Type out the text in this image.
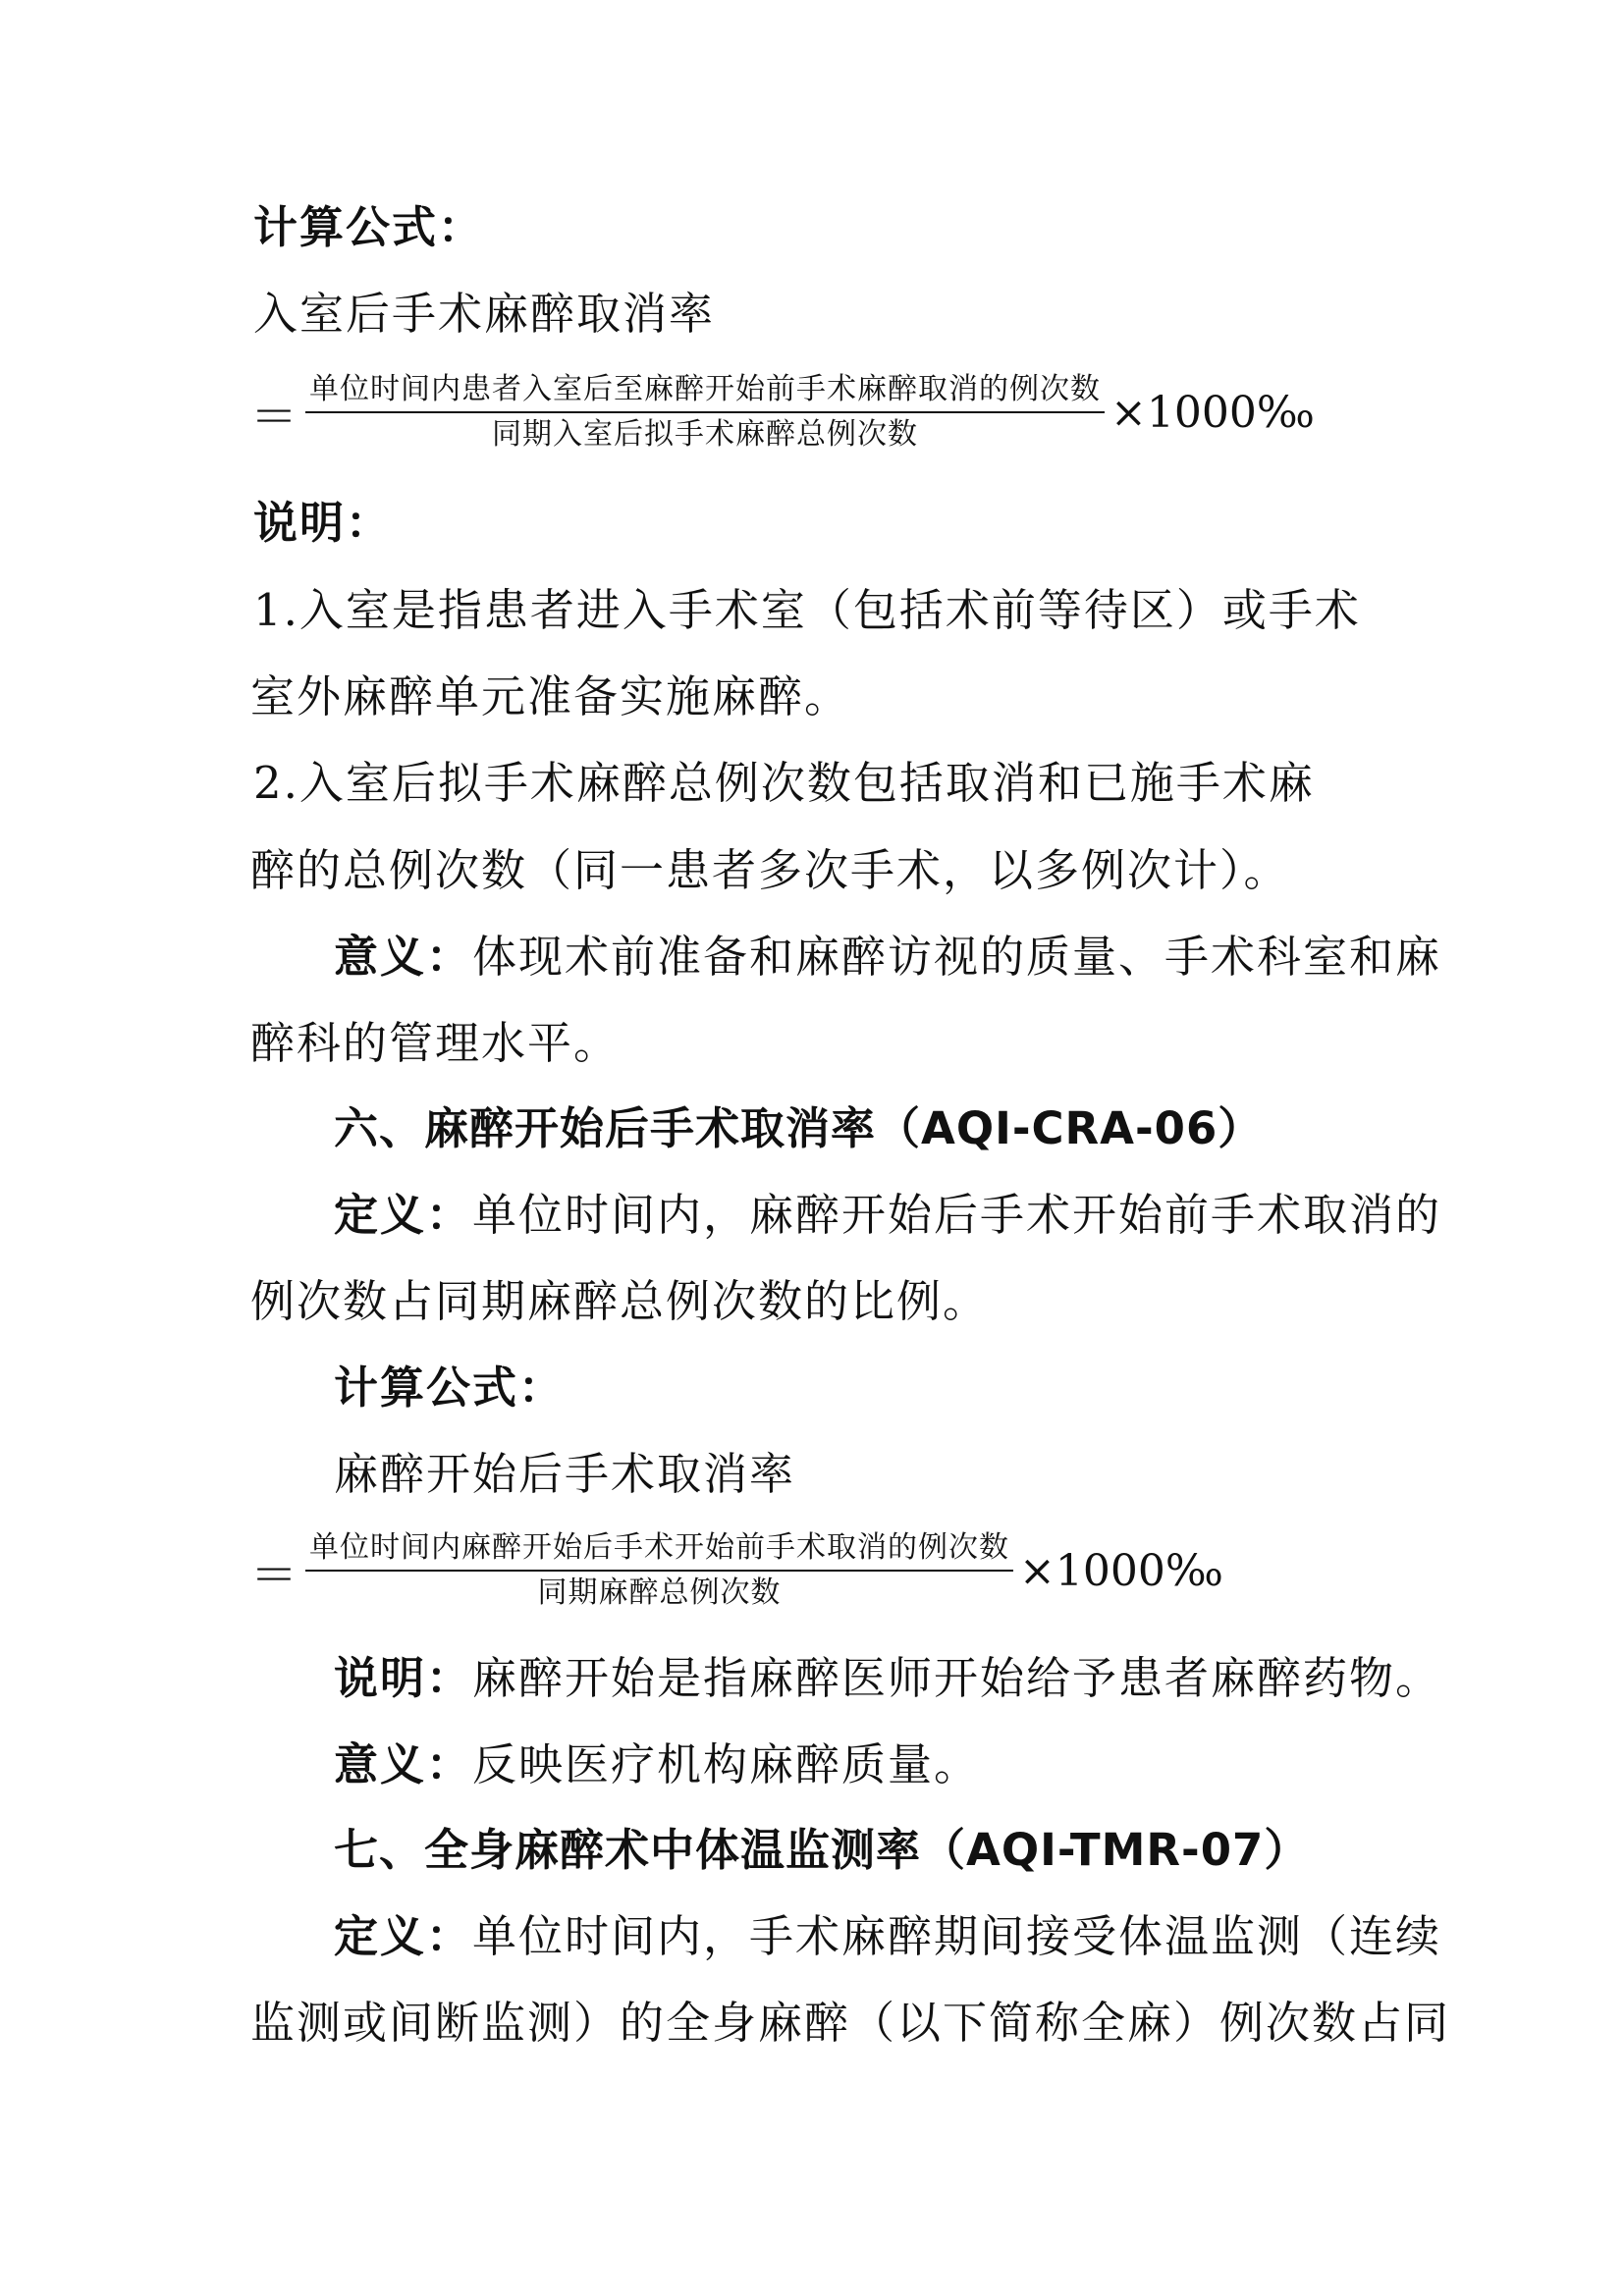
计算公式：
入室后手术麻醉取消率
＝ $\frac{\text{单位时间内患者入室后至麻醉开始前手术麻醉取消的例次数}}{\text{同期入室后拟手术麻醉总例次数}}$ ×1000‰
说明：
1.入室是指患者进入手术室（包括术前等待区）或手术
室外麻醉单元准备实施麻醉。
2.入室后拟手术麻醉总例次数包括取消和已施手术麻
醉的总例次数（同一患者多次手术，以多例次计）。
意义：体现术前准备和麻醉访视的质量、手术科室和麻
醉科的管理水平。
六、麻醉开始后手术取消率（AQI-CRA-06）
定义：单位时间内，麻醉开始后手术开始前手术取消的
例次数占同期麻醉总例次数的比例。
计算公式：
麻醉开始后手术取消率
＝ $\frac{\text{单位时间内麻醉开始后手术开始前手术取消的例次数}}{\text{同期麻醉总例次数}}$ ×1000‰
说明：麻醉开始是指麻醉医师开始给予患者麻醉药物。
意义：反映医疗机构麻醉质量。
七、全身麻醉术中体温监测率（AQI-TMR-07）
定义：单位时间内，手术麻醉期间接受体温监测（连续
监测或间断监测）的全身麻醉（以下简称全麻）例次数占同
